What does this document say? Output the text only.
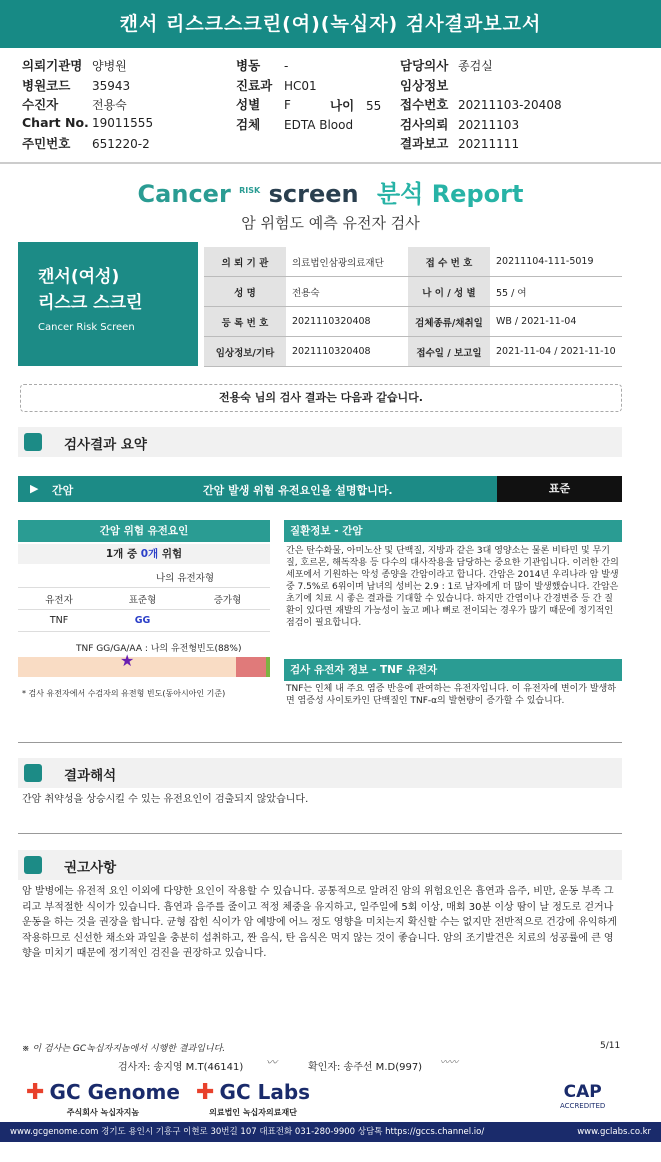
캔서 리스크스크린(여)(녹십자) 검사결과보고서
의뢰기관명 양병원
병원코드 35943
수진자	전용숙
Chart No. 19011555
주민번호 651220-2
병동 -
진료과 HC01
성별 F
검체 EDTA Blood
나이 55
담당의사 종검실
임상정보
접수번호 20211103-20408
검사의뢰 20211103
결과보고 20211111
Cancer $^{RISK}$ screen 분석 Report
암 위험도 예측 유전자 검사
캔서(여성)
리스크 스크린
Cancer Risk Screen
의 뢰 기 관	의료법인삼광의료재단	접 수 번 호	20211104-111-5019
성 명	전용숙	나 이 / 성 별	55 / 여
등 록 번 호	2021110320408	검체종류/채취일	WB / 2021-11-04
임상정보/기타	2021110320408	접수일 / 보고일	2021-11-04 / 2021-11-10
전용숙 님의 검사 결과는 다음과 같습니다.
검사결과 요약
▶ 간암	간암 발생 위험 유전요인을 설명합니다.	표준
간암 위험 유전요인
1개 중 0개 위험
	나의 유전자형	
유전자	표준형	증가형
TNF	GG	
TNF GG/GA/AA : 나의 유전형빈도(88%)
★
* 검사 유전자에서 수검자의 유전형 빈도(동아시아인 기준)
질환정보 - 간암
간은 탄수화물, 아미노산 및 단백질, 지방과 같은 3대 영양소는 물론 비타민 및 무기질, 호르몬, 해독작용 등 다수의 대사작용을 담당하는 중요한 기관입니다. 이러한 간의 세포에서 기원하는 악성 종양을 간암이라고 합니다. 간암은 2014년 우리나라 암 발생 중 7.5%로 6위이며 남녀의 성비는 2.9 : 1로 남자에게 더 많이 발생했습니다. 간암은 초기에 치료 시 좋은 결과를 기대할 수 있습니다. 하지만 간염이나 간경변증 등 간 질환이 있다면 재발의 가능성이 높고 폐나 뼈로 전이되는 경우가 많기 때문에 정기적인 점검이 필요합니다.
검사 유전자 정보 - TNF 유전자
TNF는 인체 내 주요 염증 반응에 관여하는 유전자입니다. 이 유전자에 변이가 발생하면 염증성 사이토카인 단백질인 TNF-α의 발현량이 증가할 수 있습니다.
결과해석
간암 취약성을 상승시킬 수 있는 유전요인이 검출되지 않았습니다.
권고사항
암 발병에는 유전적 요인 이외에 다양한 요인이 작용할 수 있습니다. 공통적으로 알려진 암의 위험요인은 흡연과 음주, 비만, 운동 부족 그리고 부적절한 식이가 있습니다. 흡연과 음주를 줄이고 적정 체중을 유지하고, 일주일에 5회 이상, 매회 30분 이상 땀이 날 정도로 걷거나 운동을 하는 것을 권장을 합니다. 균형 잡힌 식이가 암 예방에 어느 정도 영향을 미치는지 확신할 수는 없지만 전반적으로 건강에 유익하게 작용하므로 신선한 채소와 과일을 충분히 섭취하고, 짠 음식, 탄 음식은 먹지 않는 것이 좋습니다. 암의 조기발견은 치료의 성공률에 큰 영향을 미치기 때문에 정기적인 검진을 권장하고 있습니다.
※ 이 검사는 GC녹십자지놈에서 시행한 결과입니다.	5/11
검사자: 송지영 M.T(46141) 〰	확인자: 송주선 M.D(997) 〰〰
✚ GC Genome
주식회사 녹십자지놈
✚ GC Labs
의료법인 녹십자의료재단
CAP
ACCREDITED
www.gcgenome.com 경기도 용인시 기흥구 이현로 30번길 107 대표전화 031-280-9900 상담톡 https://gccs.channel.io/	www.gclabs.co.kr
